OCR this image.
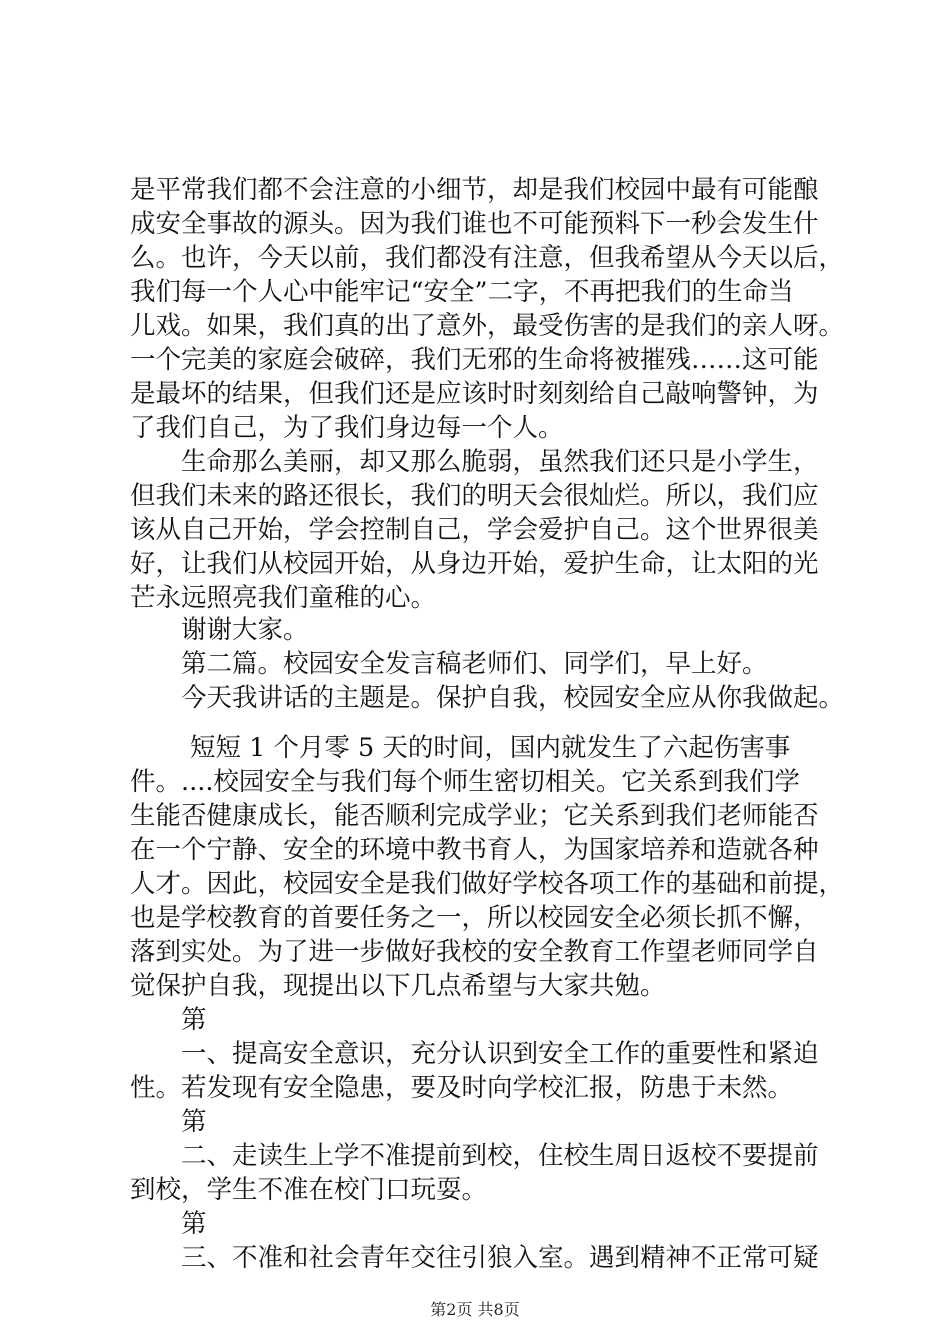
是平常我们都不会注意的小细节，却是我们校园中最有可能酿
成安全事故的源头。因为我们谁也不可能预料下一秒会发生什
么。也许，今天以前，我们都没有注意，但我希望从今天以后，
我们每一个人心中能牢记“安全”二字，不再把我们的生命当
儿戏。如果，我们真的出了意外，最受伤害的是我们的亲人呀。
一个完美的家庭会破碎，我们无邪的生命将被摧残……这可能
是最坏的结果，但我们还是应该时时刻刻给自己敲响警钟，为
了我们自己，为了我们身边每一个人。
生命那么美丽，却又那么脆弱，虽然我们还只是小学生，
但我们未来的路还很长，我们的明天会很灿烂。所以，我们应
该从自己开始，学会控制自己，学会爱护自己。这个世界很美
好，让我们从校园开始，从身边开始，爱护生命，让太阳的光
芒永远照亮我们童稚的心。
谢谢大家。
第二篇。校园安全发言稿老师们、同学们，早上好。
今天我讲话的主题是。保护自我，校园安全应从你我做起。
短短 1 个月零 5 天的时间，国内就发生了六起伤害事
件。....校园安全与我们每个师生密切相关。它关系到我们学
生能否健康成长，能否顺利完成学业；它关系到我们老师能否
在一个宁静、安全的环境中教书育人，为国家培养和造就各种
人才。因此，校园安全是我们做好学校各项工作的基础和前提，
也是学校教育的首要任务之一，所以校园安全必须长抓不懈，
落到实处。为了进一步做好我校的安全教育工作望老师同学自
觉保护自我，现提出以下几点希望与大家共勉。
第
一、提高安全意识，充分认识到安全工作的重要性和紧迫
性。若发现有安全隐患，要及时向学校汇报，防患于未然。
第
二、走读生上学不准提前到校，住校生周日返校不要提前
到校，学生不准在校门口玩耍。
第
三、不准和社会青年交往引狼入室。遇到精神不正常可疑
第2页 共8页
